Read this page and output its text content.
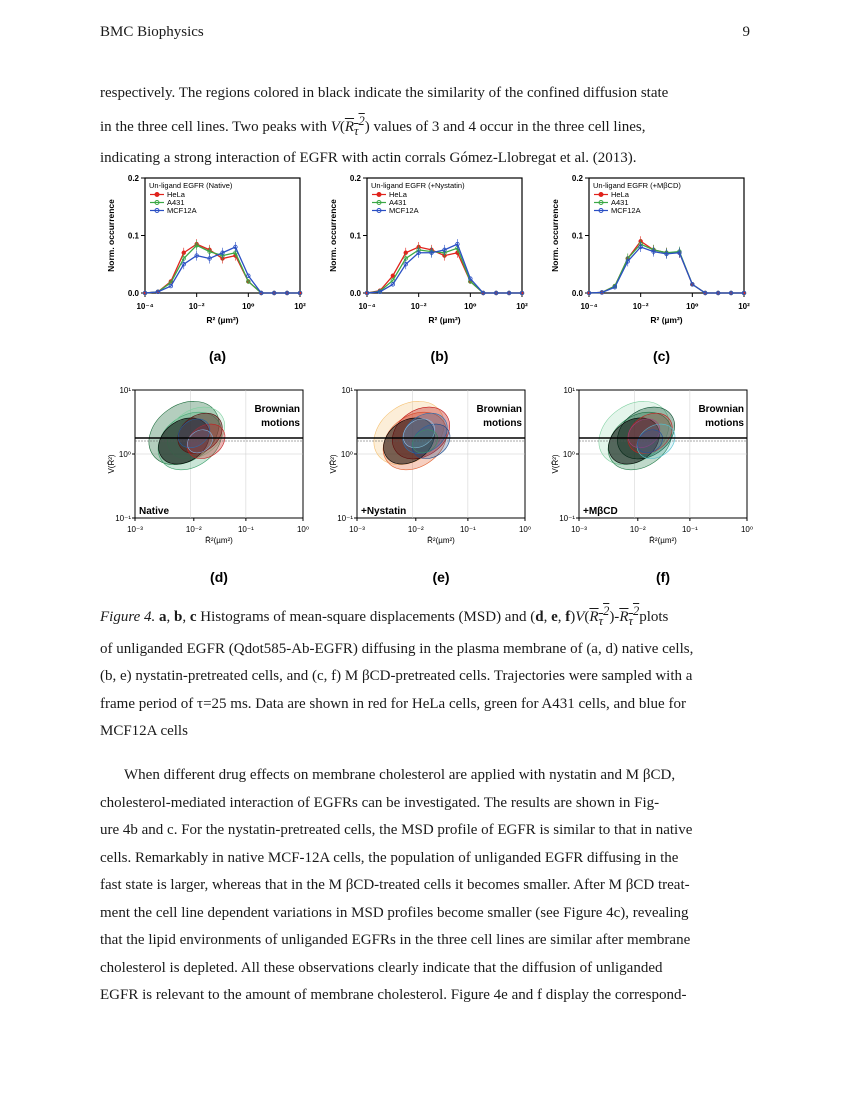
BMC Biophysics	9
respectively. The regions colored in black indicate the similarity of the confined diffusion state
in the three cell lines. Two peaks with $V(R_\tau^2)$ values of 3 and 4 occur in the three cell lines,
indicating a strong interaction of EGFR with actin corrals Gómez-Llobregat et al. (2013).
0.0
0.1
0.2
10⁻⁴	10⁻²	10⁰	10²
R² (µm²)
Norm. occurrence
Un-ligand EGFR (Native)
HeLa
A431
MCF12A
(a)
0.0
0.1
0.2
10⁻⁴	10⁻²	10⁰	10²
R² (µm²)
Norm. occurrence
Un-ligand EGFR (+Nystatin)
HeLa
A431
MCF12A
(b)
0.0
0.1
0.2
10⁻⁴	10⁻²	10⁰	10²
R² (µm²)
Norm. occurrence
Un-ligand EGFR (+MβCD)
HeLa
A431
MCF12A
(c)
Brownian
motions
Native
10¹
10⁰
10⁻¹
10⁻³	10⁻²	10⁻¹	10⁰
R̄²(µm²)
V(R̄²)
(d)
Brownian
motions
+Nystatin
10¹
10⁰
10⁻¹
10⁻³	10⁻²	10⁻¹	10⁰
R̄²(µm²)
V(R̄²)
(e)
Brownian
motions
+MβCD
10¹
10⁰
10⁻¹
10⁻³	10⁻²	10⁻¹	10⁰
R̄²(µm²)
V(R̄²)
(f)
Figure 4. a, b, c Histograms of mean-square displacements (MSD) and (d, e, $f)V(R_\tau^2)-R_\tau^2plots$
of unliganded EGFR (Qdot585-Ab-EGFR) diffusing in the plasma membrane of (a, d) native cells,
(b, e) nystatin-pretreated cells, and (c, f) M βCD-pretreated cells. Trajectories were sampled with a
frame period of τ=25 ms. Data are shown in red for HeLa cells, green for A431 cells, and blue for
MCF12A cells
When different drug effects on membrane cholesterol are applied with nystatin and M βCD,
cholesterol-mediated interaction of EGFRs can be investigated. The results are shown in Fig-
ure 4b and c. For the nystatin-pretreated cells, the MSD profile of EGFR is similar to that in native
cells. Remarkably in native MCF-12A cells, the population of unliganded EGFR diffusing in the
fast state is larger, whereas that in the M βCD-treated cells it becomes smaller. After M βCD treat-
ment the cell line dependent variations in MSD profiles become smaller (see Figure 4c), revealing
that the lipid environments of unliganded EGFRs in the three cell lines are similar after membrane
cholesterol is depleted. All these observations clearly indicate that the diffusion of unliganded
EGFR is relevant to the amount of membrane cholesterol. Figure 4e and f display the correspond-
